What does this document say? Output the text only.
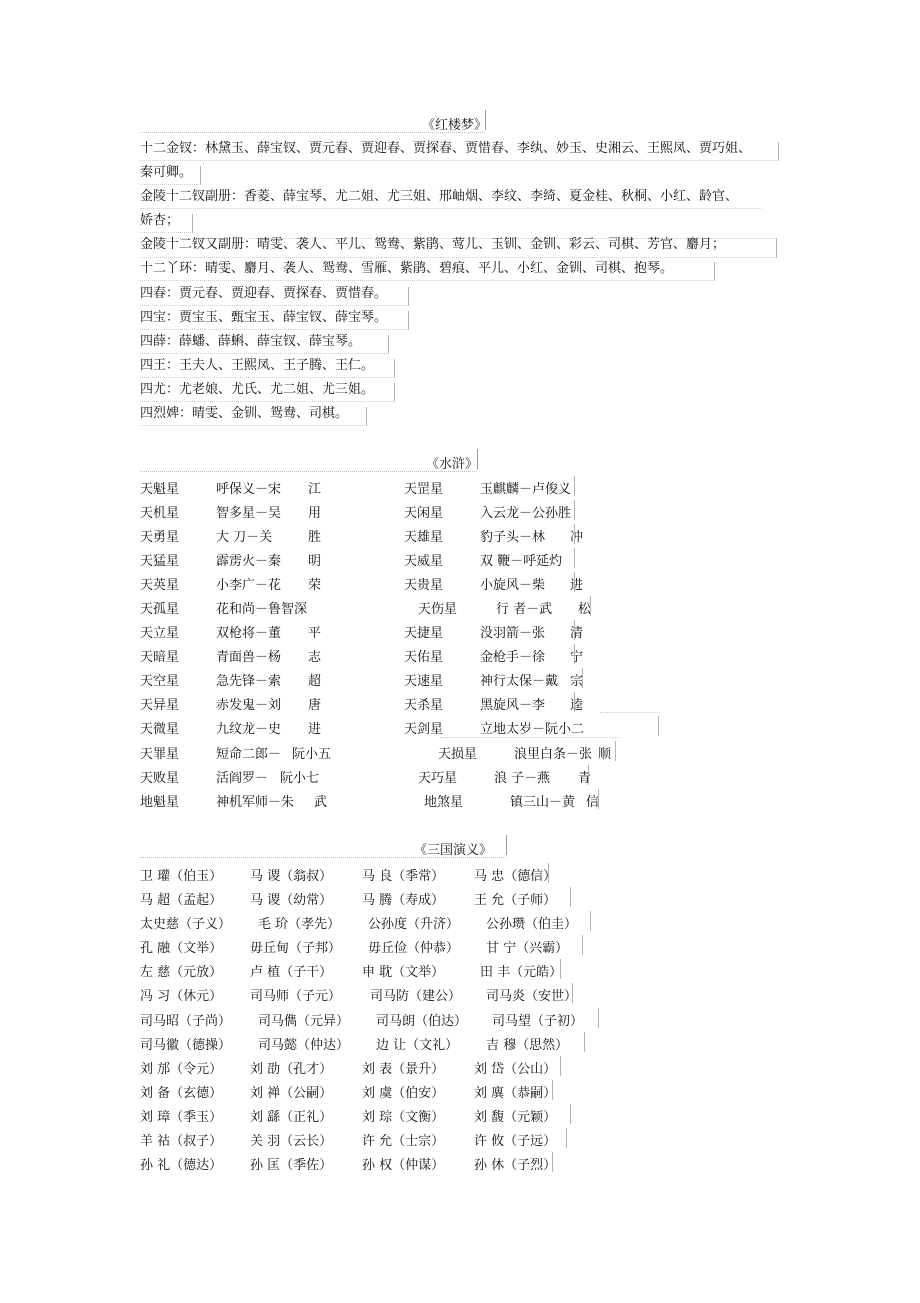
《红楼梦》
十二金钗：林黛玉、薛宝钗、贾元春、贾迎春、贾探春、贾惜春、李纨、妙玉、史湘云、王熙凤、贾巧姐、
秦可卿。
金陵十二钗副册：香菱、薛宝琴、尤二姐、尤三姐、邢岫烟、李纹、李绮、夏金桂、秋桐、小红、龄官、
娇杏；
金陵十二钗又副册：晴雯、袭人、平儿、鸳鸯、紫鹃、莺儿、玉钏、金钏、彩云、司棋、芳官、麝月；
十二丫环：晴雯、麝月、袭人、鸳鸯、雪雁、紫鹃、碧痕、平儿、小红、金钏、司棋、抱琴。
四春：贾元春、贾迎春、贾探春、贾惜春。
四宝：贾宝玉、甄宝玉、薛宝钗、薛宝琴。
四薛：薛蟠、薛蝌、薛宝钗、薛宝琴。
四王：王夫人、王熙凤、王子腾、王仁。
四尤：尤老娘、尤氏、尤二姐、尤三姐。
四烈婢：晴雯、金钏、鸳鸯、司棋。
《水浒》
天魁星	呼保义－宋 江	天罡星	玉麒麟－卢俊义
天机星	智多星－吴 用	天闲星	入云龙－公孙胜
天勇星	大 刀－关	胜	天雄星	豹子头－林 冲
天猛星	霹雳火－秦 明	天威星	双 鞭－呼延灼
天英星	小李广－花 荣	天贵星	小旋风－柴 进
天孤星	花和尚－鲁智深	天伤星	行 者－武 松
天立星	双枪将－董 平	天捷星	没羽箭－张 清
天暗星	青面兽－杨 志	天佑星	金枪手－徐 宁
天空星	急先锋－索 超	天速星	神行太保－戴 宗
天异星	赤发鬼－刘 唐	天杀星	黑旋风－李 逵
天微星	九纹龙－史 进	天剑星	立地太岁－阮小二
天罪星	短命二郎－ 阮小五	天损星	浪里白条－张 顺
天败星	活阎罗－ 阮小七	天巧星	浪 子－燕 青
地魁星	神机军师－朱 武	地煞星	镇三山－黄 信
《三国演义》
卫 瓘（伯玉） 马 谡（翁叔） 马 良（季常） 马 忠（德信）
马 超（孟起） 马 谡（幼常） 马 腾（寿成） 王 允（子师）
太史慈（子义） 毛 玠（孝先） 公孙度（升济） 公孙瓒（伯圭）
孔 融（文举） 毋丘甸（子邦） 毋丘俭（仲恭） 甘 宁（兴霸）
左 慈（元放） 卢 植（子干） 申 耽（文举）	田 丰（元皓）
冯 习（休元） 司马师（子元） 司马防（建公） 司马炎（安世）
司马昭（子尚） 司马儁（元异） 司马朗（伯达） 司马望（子初）
司马徽（德操） 司马懿（仲达） 边 让（文礼） 吉 穆（思然）
刘 邡（令元） 刘 劭（孔才） 刘 表（景升） 刘 岱（公山）
刘 备（玄德） 刘 禅（公嗣） 刘 虞（伯安） 刘 廙（恭嗣）
刘 璋（季玉） 刘 繇（正礼） 刘 琮（文衡） 刘 馥（元颖）
羊 祜（叔子） 关 羽（云长） 许 允（士宗） 许 攸（子远）
孙 礼（德达） 孙 匡（季佐） 孙 权（仲谋） 孙 休（子烈）
